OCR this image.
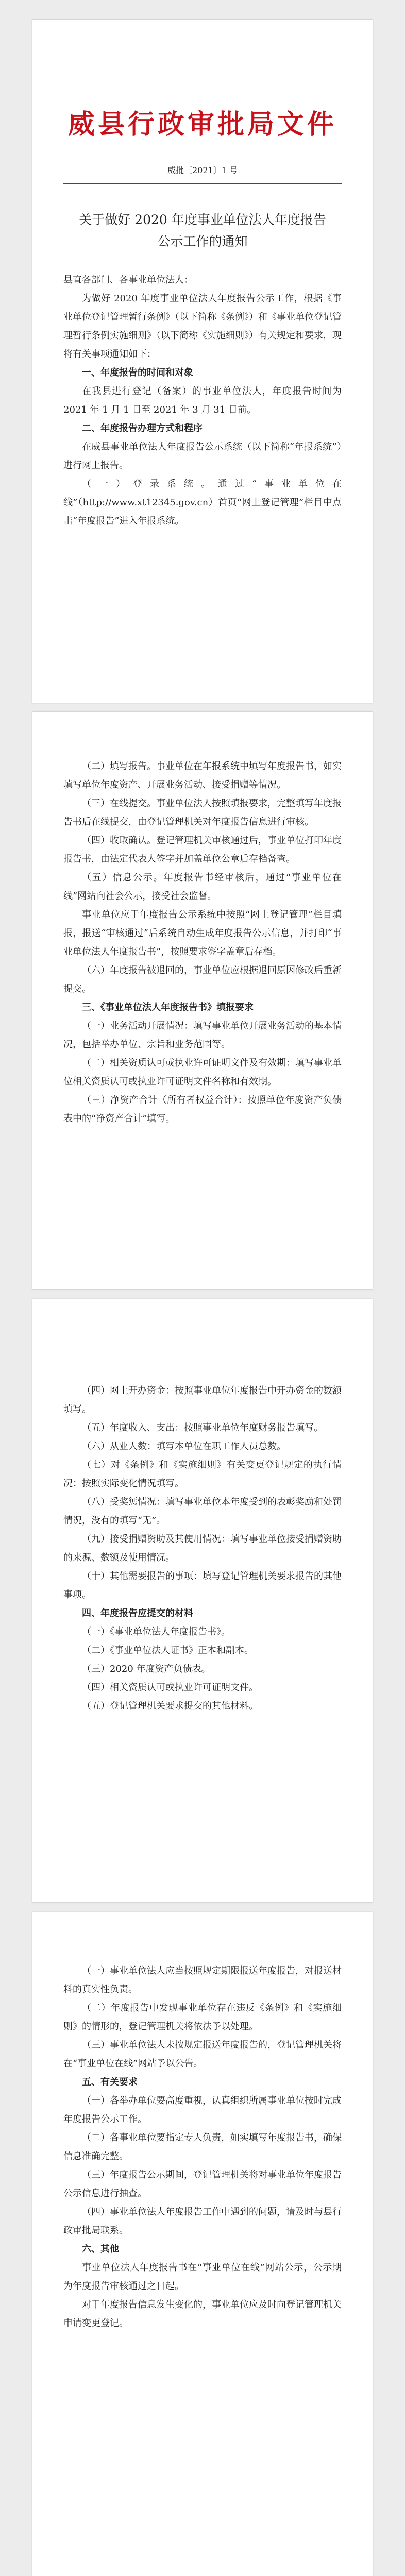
威县行政审批局文件
威批〔2021〕1 号
关于做好 2020 年度事业单位法人年度报告
公示工作的通知
县直各部门、各事业单位法人：

为做好 2020 年度事业单位法人年度报告公示工作，根据《事业单位登记管理暂行条例》（以下简称《条例》）和《事业单位登记管理暂行条例实施细则》（以下简称《实施细则》）有关规定和要求，现将有关事项通知如下：

一、年度报告的时间和对象

在我县进行登记（备案）的事业单位法人，年度报告时间为 2021 年 1 月 1 日至 2021 年 3 月 31 日前。

二、年度报告办理方式和程序

在威县事业单位法人年度报告公示系统（以下简称“年报系统”）进行网上报告。

（一）登录系统。通过“事业单位在线”（http://www.xt12345.gov.cn）首页“网上登记管理”栏目中点击“年度报告”进入年报系统。

（二）填写报告。事业单位在年报系统中填写年度报告书，如实填写单位年度资产、开展业务活动、接受捐赠等情况。

（三）在线提交。事业单位法人按照填报要求，完整填写年度报告书后在线提交，由登记管理机关对年度报告信息进行审核。

（四）收取确认。登记管理机关审核通过后，事业单位打印年度报告书，由法定代表人签字并加盖单位公章后存档备查。

（五）信息公示。年度报告书经审核后，通过“事业单位在线”网站向社会公示，接受社会监督。

事业单位应于年度报告公示系统中按照“网上登记管理”栏目填报，报送“审核通过”后系统自动生成年度报告公示信息，并打印“事业单位法人年度报告书”，按照要求签字盖章后存档。

（六）年度报告被退回的，事业单位应根据退回原因修改后重新提交。

三、《事业单位法人年度报告书》填报要求

（一）业务活动开展情况：填写事业单位开展业务活动的基本情况，包括举办单位、宗旨和业务范围等。

（二）相关资质认可或执业许可证明文件及有效期：填写事业单位相关资质认可或执业许可证明文件名称和有效期。

（三）净资产合计（所有者权益合计）：按照单位年度资产负债表中的“净资产合计”填写。

（四）网上开办资金：按照事业单位年度报告中开办资金的数额填写。

（五）年度收入、支出：按照事业单位年度财务报告填写。

（六）从业人数：填写本单位在职工作人员总数。

（七）对《条例》和《实施细则》有关变更登记规定的执行情况：按照实际变化情况填写。

（八）受奖惩情况：填写事业单位本年度受到的表彰奖励和处罚情况，没有的填写“无”。

（九）接受捐赠资助及其使用情况：填写事业单位接受捐赠资助的来源、数额及使用情况。

（十）其他需要报告的事项：填写登记管理机关要求报告的其他事项。

四、年度报告应提交的材料

（一）《事业单位法人年度报告书》。

（二）《事业单位法人证书》正本和副本。

（三）2020 年度资产负债表。

（四）相关资质认可或执业许可证明文件。

（五）登记管理机关要求提交的其他材料。

（一）事业单位法人应当按照规定期限报送年度报告，对报送材料的真实性负责。

（二）年度报告中发现事业单位存在违反《条例》和《实施细则》的情形的，登记管理机关将依法予以处理。

（三）事业单位法人未按规定报送年度报告的，登记管理机关将在“事业单位在线”网站予以公告。

五、有关要求

（一）各举办单位要高度重视，认真组织所属事业单位按时完成年度报告公示工作。

（二）各事业单位要指定专人负责，如实填写年度报告书，确保信息准确完整。

（三）年度报告公示期间，登记管理机关将对事业单位年度报告公示信息进行抽查。

（四）事业单位法人年度报告工作中遇到的问题，请及时与县行政审批局联系。

六、其他

事业单位法人年度报告书在“事业单位在线”网站公示，公示期为年度报告审核通过之日起。

对于年度报告信息发生变化的，事业单位应及时向登记管理机关申请变更登记。
